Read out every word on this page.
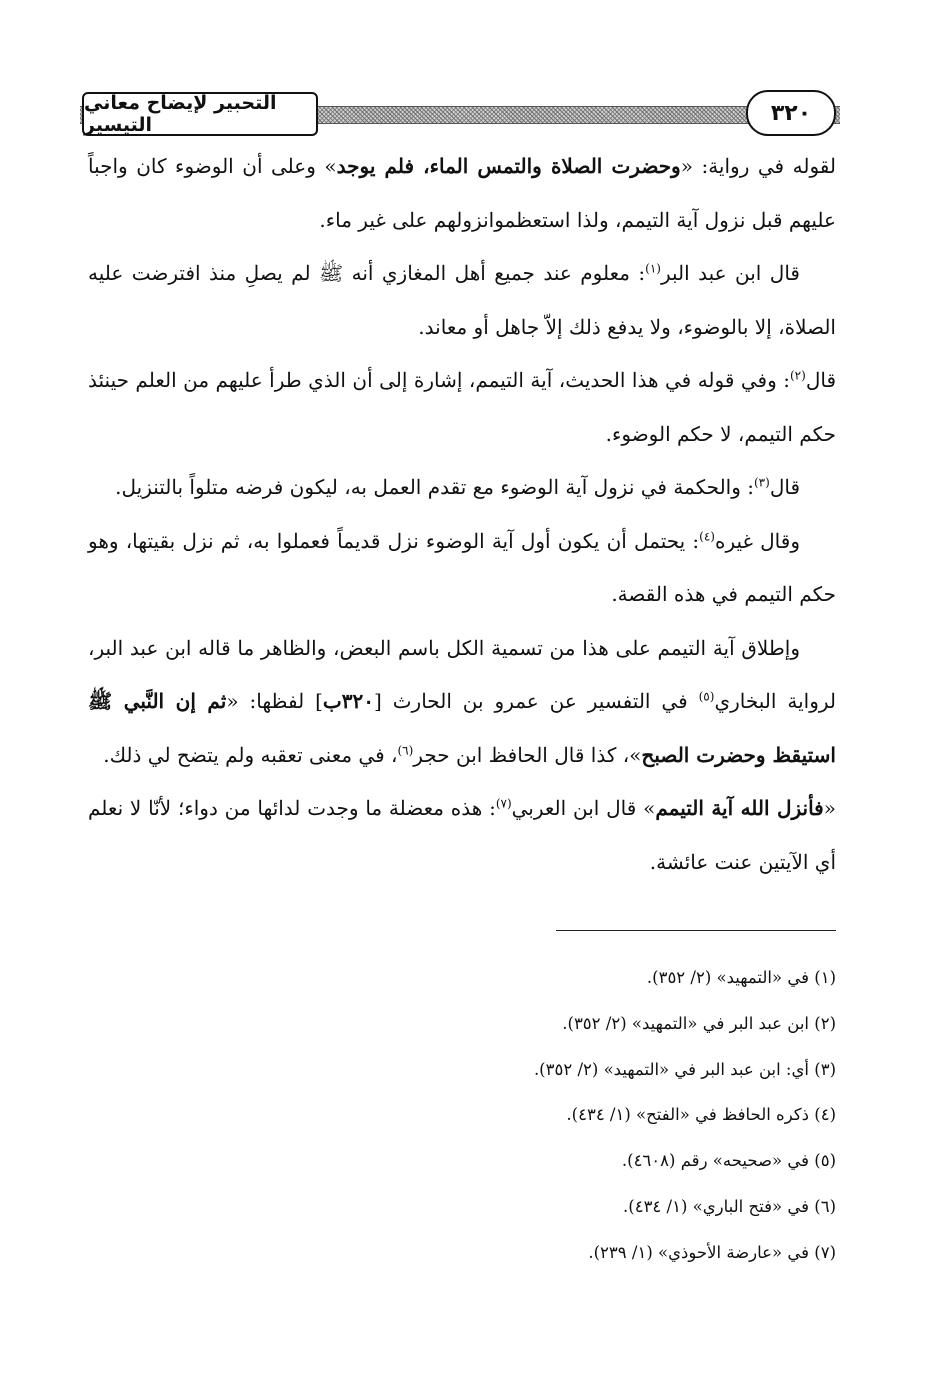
التحبير لإيضاح معاني التيسير	٣٢٠

لقوله في رواية: «وحضرت الصلاة والتمس الماء، فلم يوجد» وعلى أن الوضوء كان واجباً عليهم قبل نزول آية التيمم، ولذا استعظموانزولهم على غير ماء.

قال ابن عبد البر$^{(١)}$: معلوم عند جميع أهل المغازي أنه ﷺ لم يصلِ منذ افترضت عليه الصلاة، إلا بالوضوء، ولا يدفع ذلك إلاّ جاهل أو معاند.

قال$^{(٢)}$: وفي قوله في هذا الحديث، آية التيمم، إشارة إلى أن الذي طرأ عليهم من العلم حينئذ حكم التيمم، لا حكم الوضوء.

قال$^{(٣)}$: والحكمة في نزول آية الوضوء مع تقدم العمل به، ليكون فرضه متلواً بالتنزيل.

وقال غيره$^{(٤)}$: يحتمل أن يكون أول آية الوضوء نزل قديماً فعملوا به، ثم نزل بقيتها، وهو حكم التيمم في هذه القصة.

وإطلاق آية التيمم على هذا من تسمية الكل باسم البعض، والظاهر ما قاله ابن عبد البر، لرواية البخاري$^{(٥)}$ في التفسير عن عمرو بن الحارث [٣٢٠ب] لفظها: «ثم إن النَّبي ﷺ استيقظ وحضرت الصبح»، كذا قال الحافظ ابن حجر$^{(٦)}$، في معنى تعقبه ولم يتضح لي ذلك.

«فأنزل الله آية التيمم» قال ابن العربي$^{(٧)}$: هذه معضلة ما وجدت لدائها من دواء؛ لأنّا لا نعلم أي الآيتين عنت عائشة.

(١) في «التمهيد» (٢/ ٣٥٢).

(٢) ابن عبد البر في «التمهيد» (٢/ ٣٥٢).

(٣) أي: ابن عبد البر في «التمهيد» (٢/ ٣٥٢).

(٤) ذكره الحافظ في «الفتح» (١/ ٤٣٤).

(٥) في «صحيحه» رقم (٤٦٠٨).

(٦) في «فتح الباري» (١/ ٤٣٤).

(٧) في «عارضة الأحوذي» (١/ ٢٣٩).
